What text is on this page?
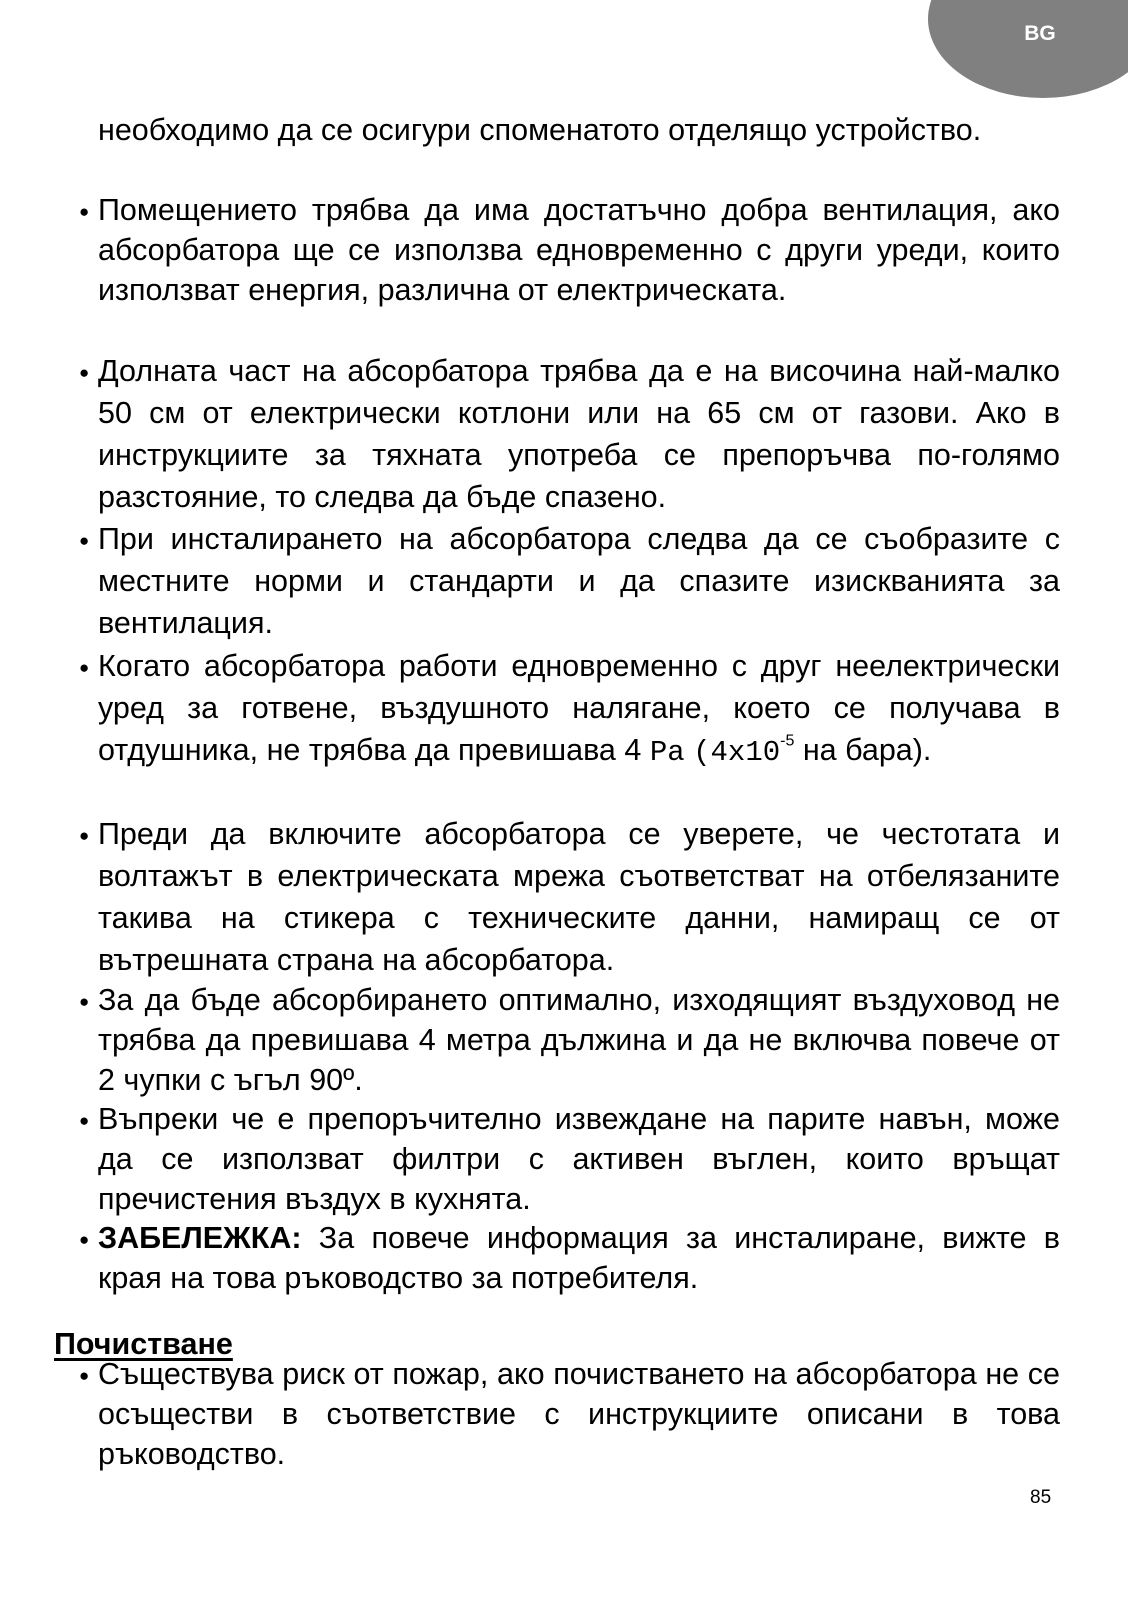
BG
необходимо да се осигури споменатото отделящо устройство.
● Помещението трябва да има достатъчно добра вентилация, ако абсорбатора ще се използва едновременно с други уреди, които използват енергия, различна от електрическата.
● Долната част на абсорбатора трябва да е на височина най-малко 50 см от електрически котлони или на 65 см от газови. Ако в инструкциите за тяхната употреба се препоръчва по-голямо разстояние, то следва да бъде спазено.
● При инсталирането на абсорбатора следва да се съобразите с местните норми и стандарти и да спазите изискванията за вентилация.
● Когато абсорбатора работи едновременно с друг неелектрически уред за готвене, въздушното налягане, което се получава в отдушника, не трябва да превишава 4 Pa ($4x10^{-5}$ на бара).
● Преди да включите абсорбатора се уверете, че честотата и волтажът в електрическата мрежа съответстват на отбелязаните такива на стикера с техническите данни, намиращ се от вътрешната страна на абсорбатора.
● За да бъде абсорбирането оптимално, изходящият въздуховод не трябва да превишава 4 метра дължина и да не включва повече от 2 чупки с ъгъл 90º.
● Въпреки че е препоръчително извеждане на парите навън, може да се използват филтри с активен въглен, които връщат пречистения въздух в кухнята.
● ЗАБЕЛЕЖКА: За повече информация за инсталиране, вижте в края на това ръководство за потребителя.
Почистване
● Съществува риск от пожар, ако почистването на абсорбатора не се осъществи в съответствие с инструкциите описани в това ръководство.
85
